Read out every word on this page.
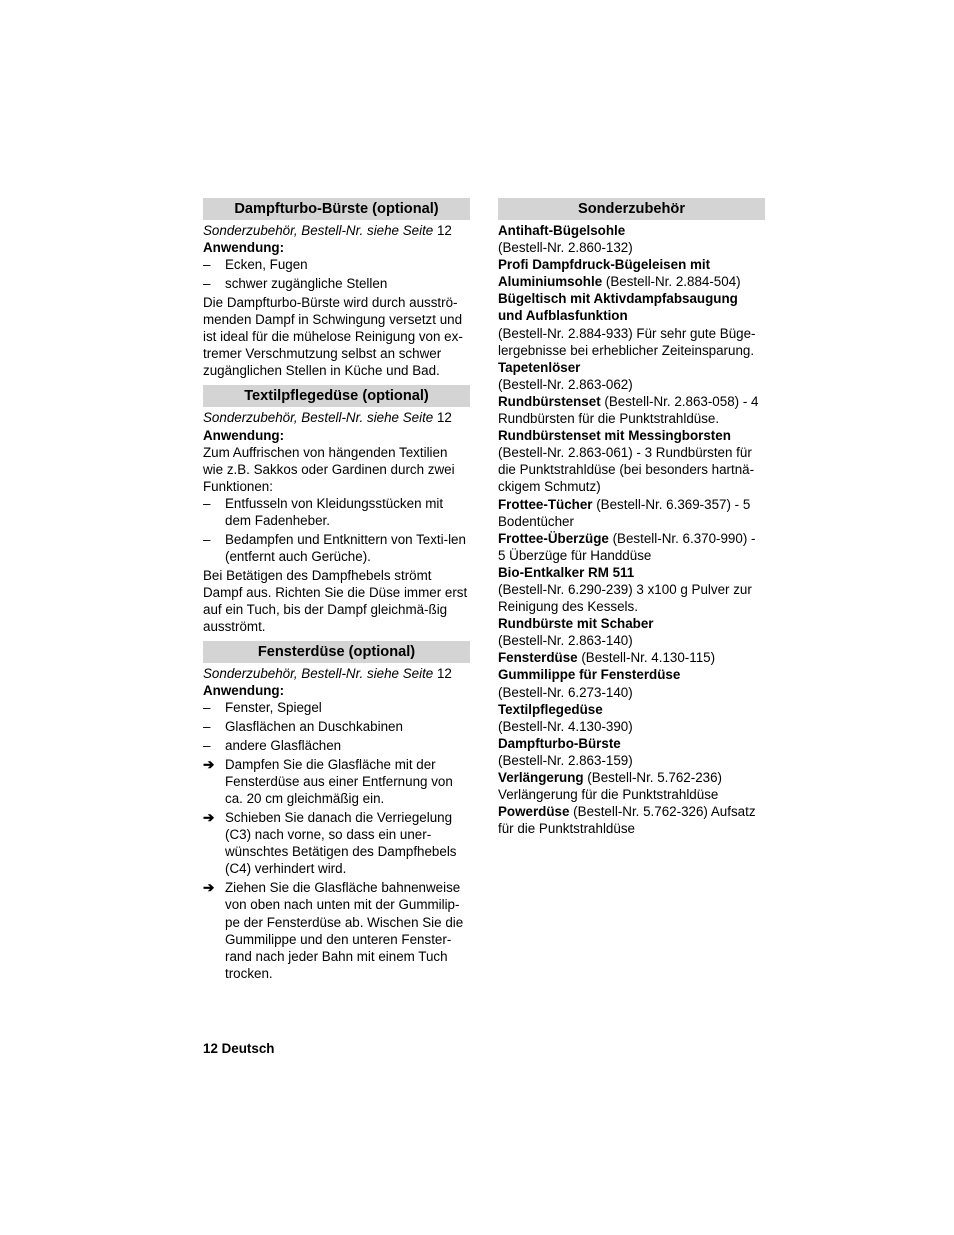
Dampfturbo-Bürste (optional)

Sonderzubehör, Bestell-Nr. siehe Seite 12

Anwendung:

–	Ecken, Fugen
–	schwer zugängliche Stellen

Die Dampfturbo-Bürste wird durch ausströ-menden Dampf in Schwingung versetzt und ist ideal für die mühelose Reinigung von ex-tremer Verschmutzung selbst an schwer zugänglichen Stellen in Küche und Bad.

Textilpflegedüse (optional)

Sonderzubehör, Bestell-Nr. siehe Seite 12

Anwendung:

Zum Auffrischen von hängenden Textilien wie z.B. Sakkos oder Gardinen durch zwei Funktionen:

–	Entfusseln von Kleidungsstücken mit dem Fadenheber.
–	Bedampfen und Entknittern von Texti-len (entfernt auch Gerüche).

Bei Betätigen des Dampfhebels strömt Dampf aus. Richten Sie die Düse immer erst auf ein Tuch, bis der Dampf gleichmä-ßig ausströmt.

Fensterdüse (optional)

Sonderzubehör, Bestell-Nr. siehe Seite 12

Anwendung:

–	Fenster, Spiegel
–	Glasflächen an Duschkabinen
–	andere Glasflächen
➔ Dampfen Sie die Glasfläche mit der Fensterdüse aus einer Entfernung von ca. 20 cm gleichmäßig ein.
➔ Schieben Sie danach die Verriegelung (C3) nach vorne, so dass ein uner-wünschtes Betätigen des Dampfhebels (C4) verhindert wird.
➔ Ziehen Sie die Glasfläche bahnenweise von oben nach unten mit der Gummilip-pe der Fensterdüse ab. Wischen Sie die Gummilippe und den unteren Fenster-rand nach jeder Bahn mit einem Tuch trocken.
Sonderzubehör

Antihaft-Bügelsohle
(Bestell-Nr. 2.860-132)

Profi Dampfdruck-Bügeleisen mit Aluminiumsohle (Bestell-Nr. 2.884-504)

Bügeltisch mit Aktivdampfabsaugung und Aufblasfunktion
(Bestell-Nr. 2.884-933) Für sehr gute Büge-lergebnisse bei erheblicher Zeiteinsparung.

Tapetenlöser
(Bestell-Nr. 2.863-062)

Rundbürstenset (Bestell-Nr. 2.863-058) - 4 Rundbürsten für die Punktstrahldüse.

Rundbürstenset mit Messingborsten
(Bestell-Nr. 2.863-061) - 3 Rundbürsten für die Punktstrahldüse (bei besonders hartnä-ckigem Schmutz)

Frottee-Tücher (Bestell-Nr. 6.369-357) - 5 Bodentücher

Frottee-Überzüge (Bestell-Nr. 6.370-990) - 5 Überzüge für Handdüse

Bio-Entkalker RM 511
(Bestell-Nr. 6.290-239) 3 x100 g Pulver zur Reinigung des Kessels.

Rundbürste mit Schaber
(Bestell-Nr. 2.863-140)

Fensterdüse (Bestell-Nr. 4.130-115)

Gummilippe für Fensterdüse
(Bestell-Nr. 6.273-140)

Textilpflegedüse
(Bestell-Nr. 4.130-390)

Dampfturbo-Bürste
(Bestell-Nr. 2.863-159)

Verlängerung (Bestell-Nr. 5.762-236) Verlängerung für die Punktstrahldüse

Powerdüse (Bestell-Nr. 5.762-326) Aufsatz für die Punktstrahldüse

12 Deutsch
